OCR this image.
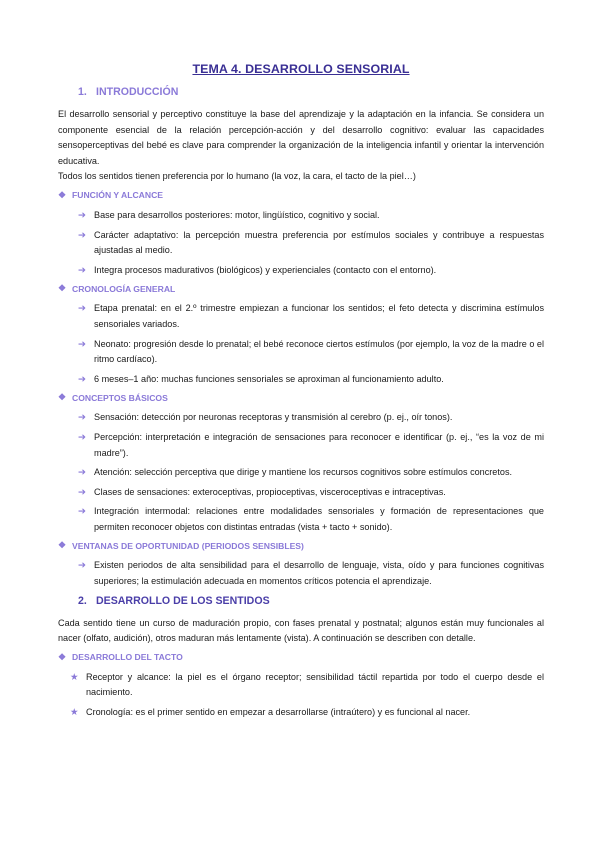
TEMA 4. DESARROLLO SENSORIAL
1. INTRODUCCIÓN

El desarrollo sensorial y perceptivo constituye la base del aprendizaje y la adaptación en la infancia. Se considera un componente esencial de la relación percepción-acción y del desarrollo cognitivo: evaluar las capacidades sensoperceptivas del bebé es clave para comprender la organización de la inteligencia infantil y orientar la intervención educativa.

Todos los sentidos tienen preferencia por lo humano (la voz, la cara, el tacto de la piel…)

❖ FUNCIÓN Y ALCANCE
➔ Base para desarrollos posteriores: motor, lingüístico, cognitivo y social.
➔ Carácter adaptativo: la percepción muestra preferencia por estímulos sociales y contribuye a respuestas ajustadas al medio.
➔ Integra procesos madurativos (biológicos) y experienciales (contacto con el entorno).
❖ CRONOLOGÍA GENERAL
➔ Etapa prenatal: en el 2.º trimestre empiezan a funcionar los sentidos; el feto detecta y discrimina estímulos sensoriales variados.
➔ Neonato: progresión desde lo prenatal; el bebé reconoce ciertos estímulos (por ejemplo, la voz de la madre o el ritmo cardíaco).
➔ 6 meses–1 año: muchas funciones sensoriales se aproximan al funcionamiento adulto.
❖ CONCEPTOS BÁSICOS
➔ Sensación: detección por neuronas receptoras y transmisión al cerebro (p. ej., oír tonos).
➔ Percepción: interpretación e integración de sensaciones para reconocer e identificar (p. ej., “es la voz de mi madre”).
➔ Atención: selección perceptiva que dirige y mantiene los recursos cognitivos sobre estímulos concretos.
➔ Clases de sensaciones: exteroceptivas, propioceptivas, visceroceptivas e intraceptivas.
➔ Integración intermodal: relaciones entre modalidades sensoriales y formación de representaciones que permiten reconocer objetos con distintas entradas (vista + tacto + sonido).
❖ VENTANAS DE OPORTUNIDAD (PERIODOS SENSIBLES)
➔ Existen periodos de alta sensibilidad para el desarrollo de lenguaje, vista, oído y para funciones cognitivas superiores; la estimulación adecuada en momentos críticos potencia el aprendizaje.
2. DESARROLLO DE LOS SENTIDOS

Cada sentido tiene un curso de maduración propio, con fases prenatal y postnatal; algunos están muy funcionales al nacer (olfato, audición), otros maduran más lentamente (vista). A continuación se describen con detalle.

❖ DESARROLLO DEL TACTO
★ Receptor y alcance: la piel es el órgano receptor; sensibilidad táctil repartida por todo el cuerpo desde el nacimiento.
★ Cronología: es el primer sentido en empezar a desarrollarse (intraútero) y es funcional al nacer.
